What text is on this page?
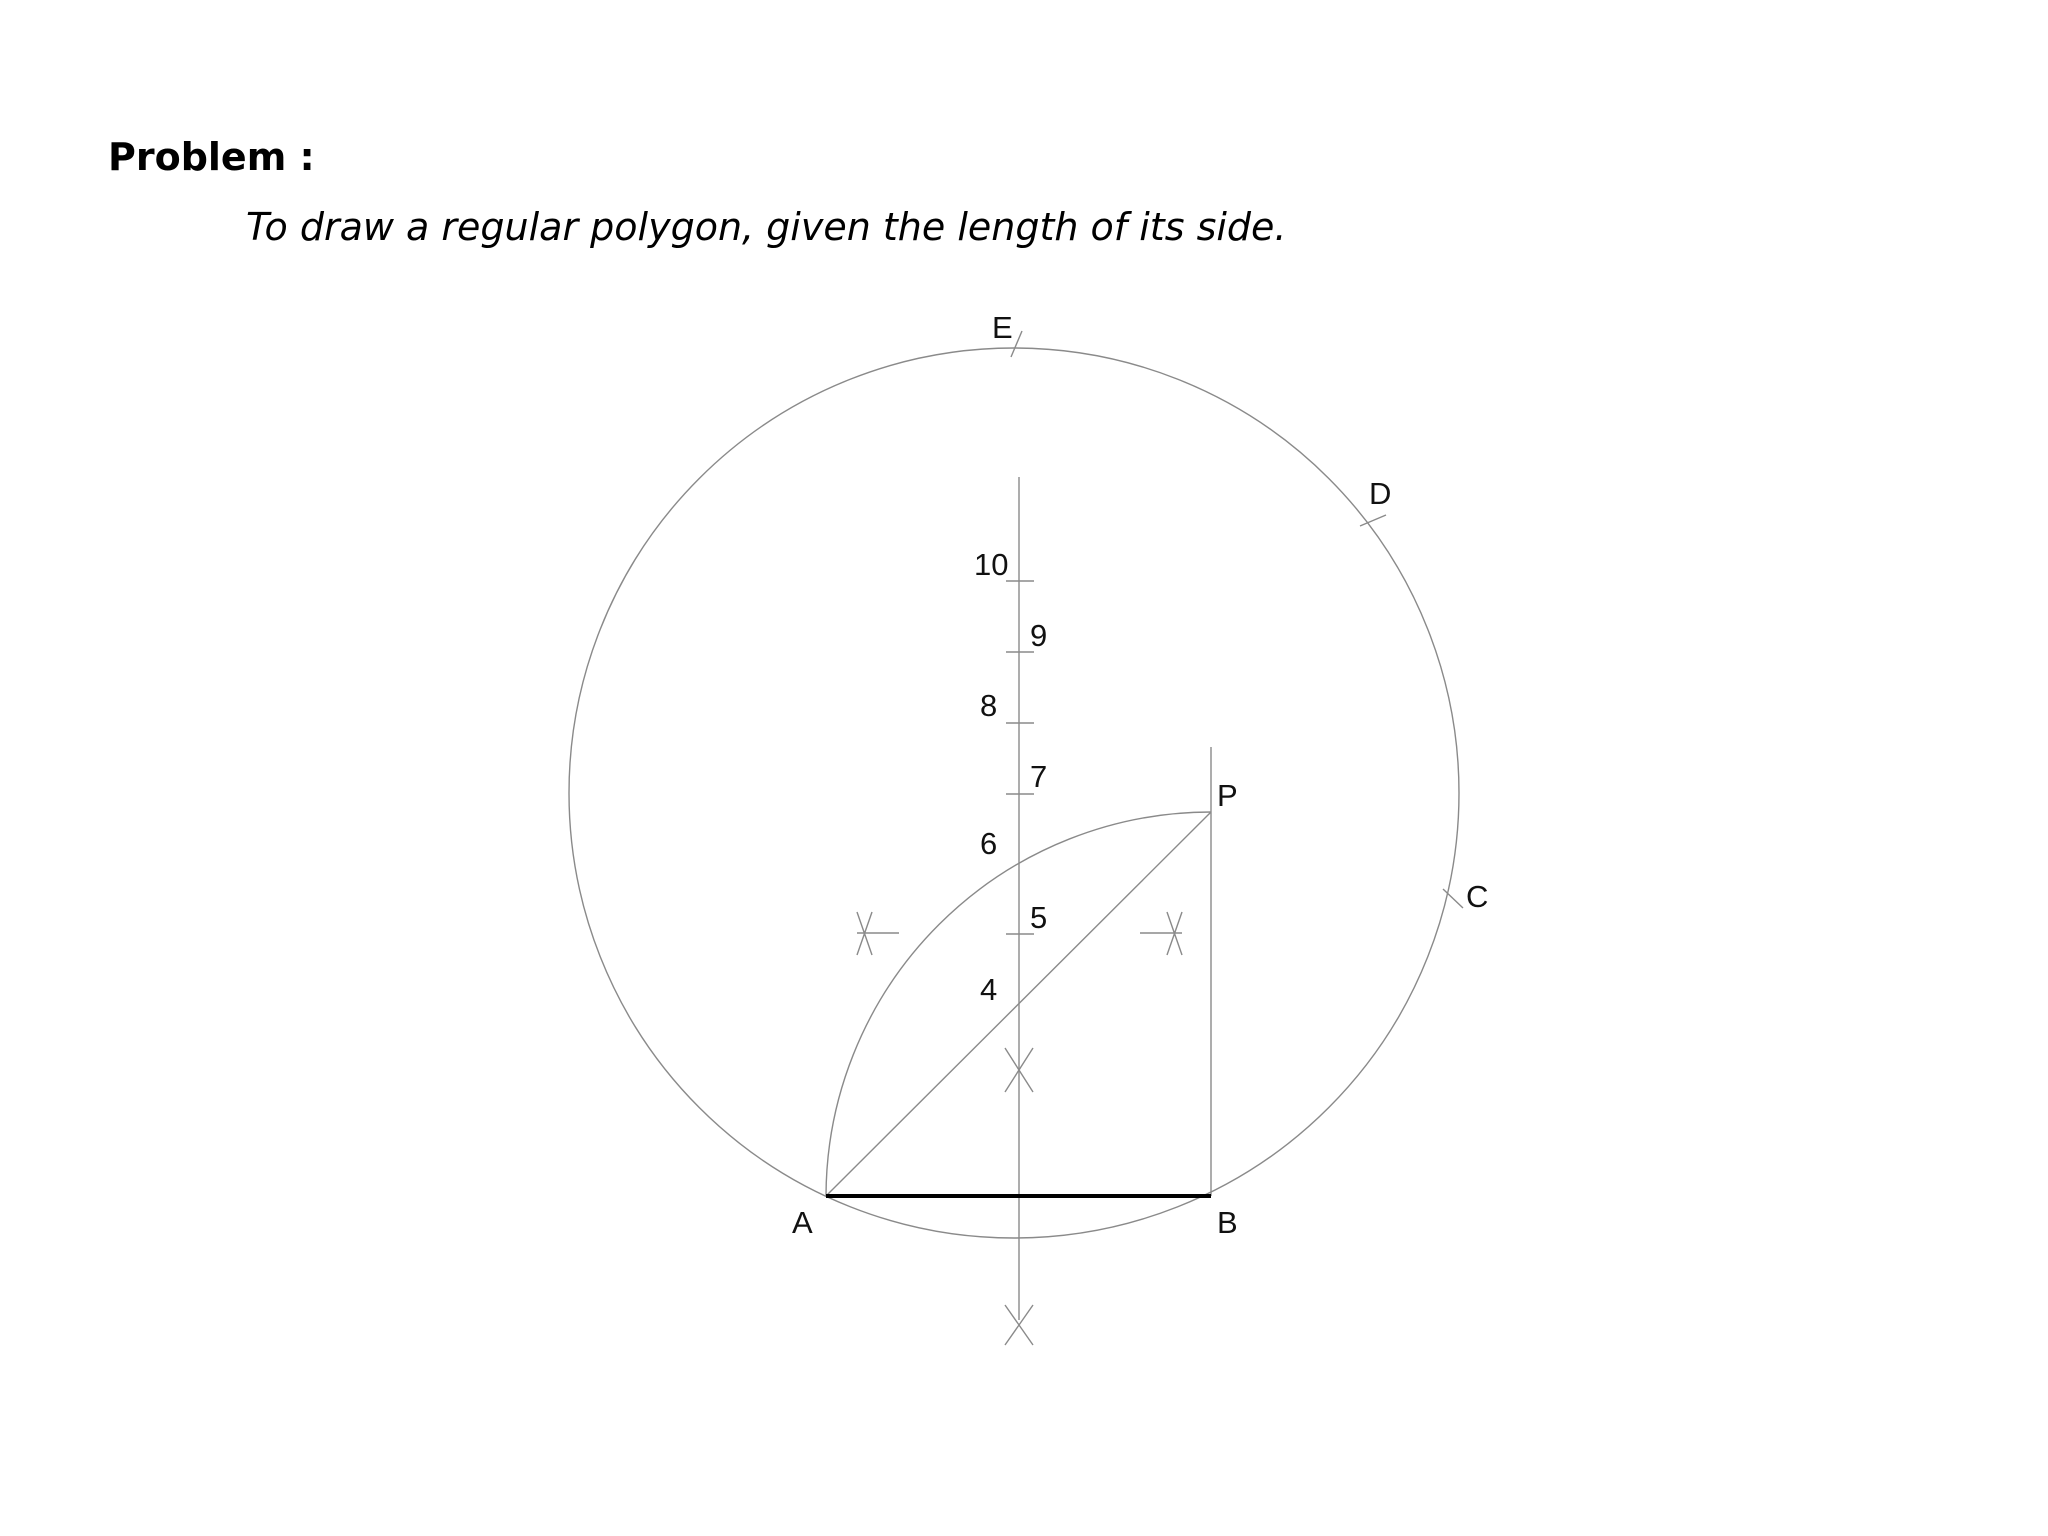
Problem :
To draw a regular polygon, given the length of its side.
A	B
P
C
D
E
4
5
6
7
8
9
10
